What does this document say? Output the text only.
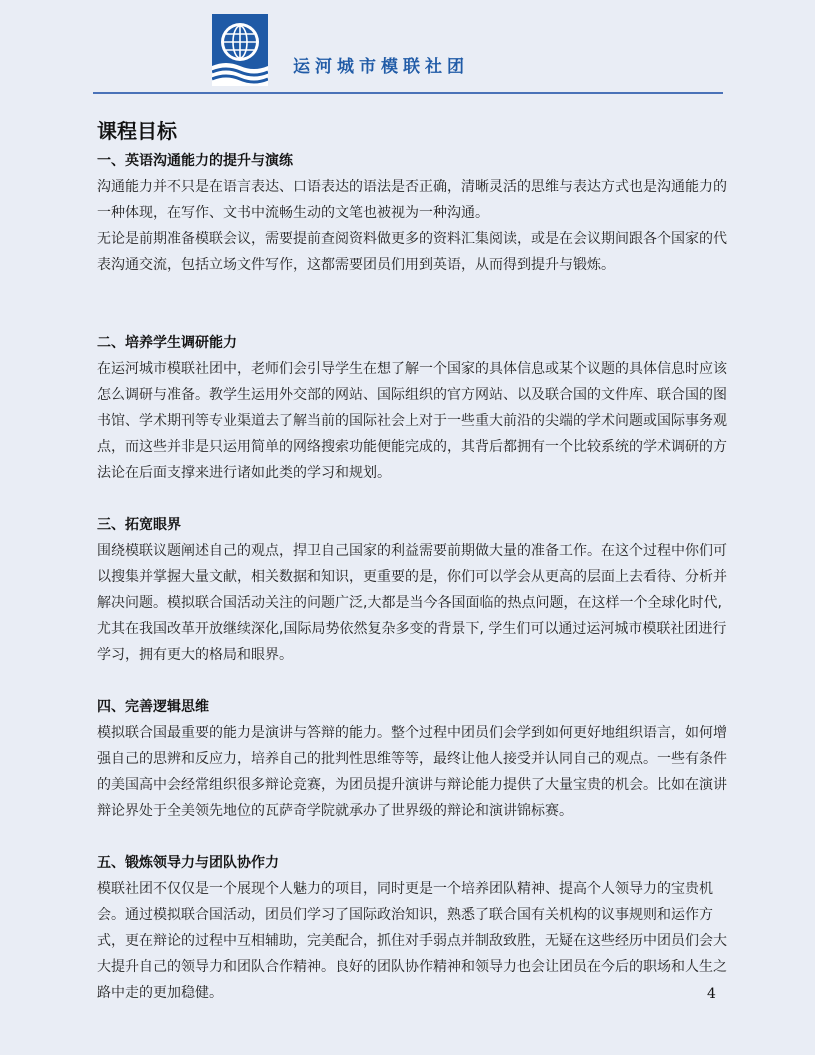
运河城市模联社团
课程目标
一、英语沟通能力的提升与演练

沟通能力并不只是在语言表达、口语表达的语法是否正确，清晰灵活的思维与表达方式也是沟通能力的一种体现，在写作、文书中流畅生动的文笔也被视为一种沟通。

无论是前期准备模联会议，需要提前查阅资料做更多的资料汇集阅读，或是在会议期间跟各个国家的代表沟通交流，包括立场文件写作，这都需要团员们用到英语，从而得到提升与锻炼。

二、培养学生调研能力

在运河城市模联社团中，老师们会引导学生在想了解一个国家的具体信息或某个议题的具体信息时应该怎么调研与准备。教学生运用外交部的网站、国际组织的官方网站、以及联合国的文件库、联合国的图书馆、学术期刊等专业渠道去了解当前的国际社会上对于一些重大前沿的尖端的学术问题或国际事务观点，而这些并非是只运用简单的网络搜索功能便能完成的，其背后都拥有一个比较系统的学术调研的方法论在后面支撑来进行诸如此类的学习和规划。

三、拓宽眼界

围绕模联议题阐述自己的观点，捍卫自己国家的利益需要前期做大量的准备工作。在这个过程中你们可以搜集并掌握大量文献，相关数据和知识，更重要的是，你们可以学会从更高的层面上去看待、分析并解决问题。模拟联合国活动关注的问题广泛,大都是当今各国面临的热点问题，在这样一个全球化时代,尤其在我国改革开放继续深化,国际局势依然复杂多变的背景下, 学生们可以通过运河城市模联社团进行学习，拥有更大的格局和眼界。

四、完善逻辑思维

模拟联合国最重要的能力是演讲与答辩的能力。整个过程中团员们会学到如何更好地组织语言，如何增强自己的思辨和反应力，培养自己的批判性思维等等，最终让他人接受并认同自己的观点。一些有条件的美国高中会经常组织很多辩论竞赛，为团员提升演讲与辩论能力提供了大量宝贵的机会。比如在演讲辩论界处于全美领先地位的瓦萨奇学院就承办了世界级的辩论和演讲锦标赛。

五、锻炼领导力与团队协作力

模联社团不仅仅是一个展现个人魅力的项目，同时更是一个培养团队精神、提高个人领导力的宝贵机会。通过模拟联合国活动，团员们学习了国际政治知识，熟悉了联合国有关机构的议事规则和运作方式，更在辩论的过程中互相辅助，完美配合，抓住对手弱点并制敌致胜，无疑在这些经历中团员们会大大提升自己的领导力和团队合作精神。良好的团队协作精神和领导力也会让团员在今后的职场和人生之路中走的更加稳健。	4
